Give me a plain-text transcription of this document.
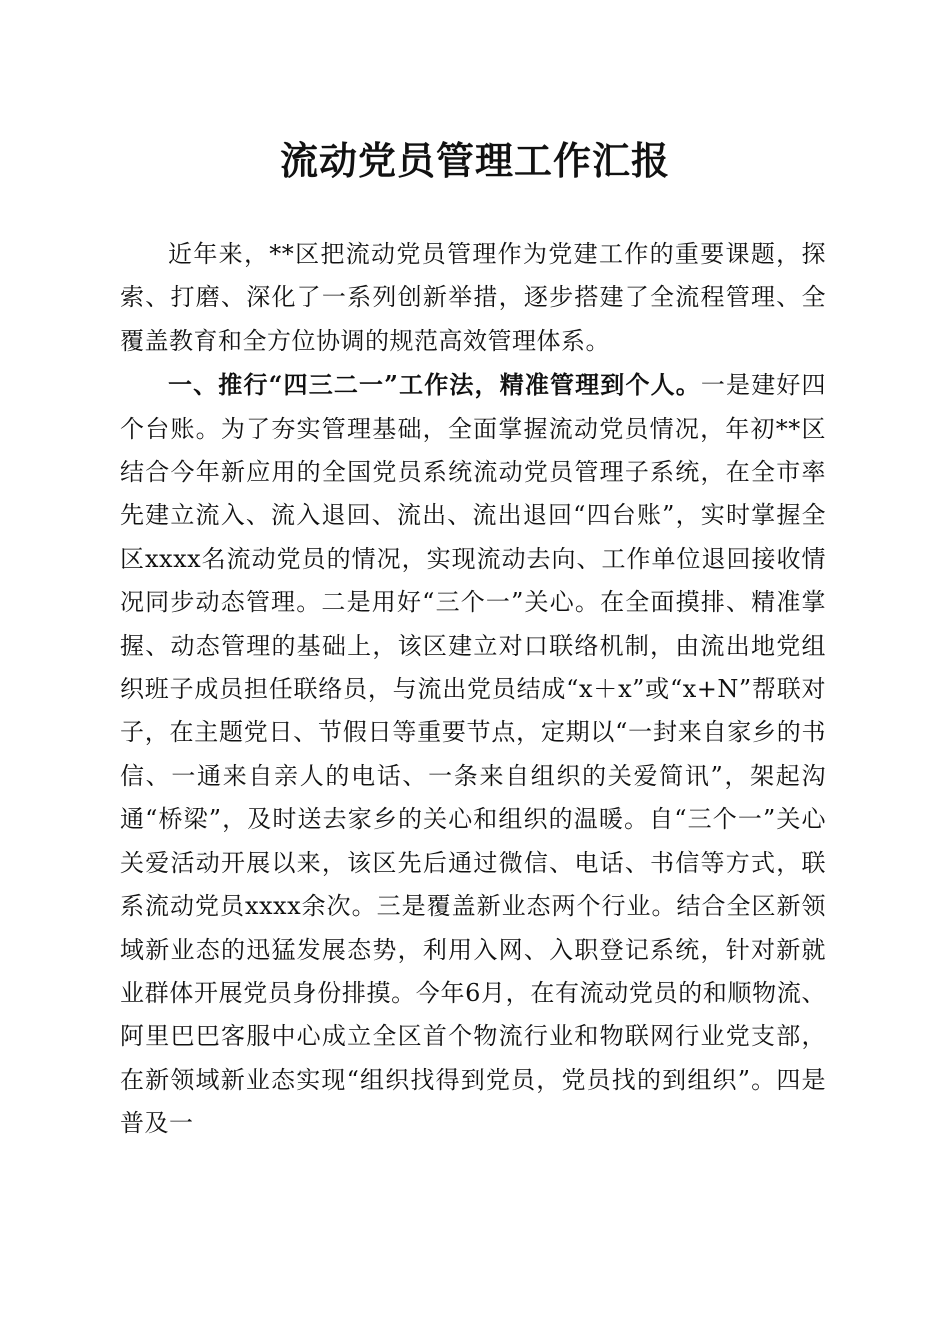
流动党员管理工作汇报

近年来，**区把流动党员管理作为党建工作的重要课题，探索、打磨、深化了一系列创新举措，逐步搭建了全流程管理、全覆盖教育和全方位协调的规范高效管理体系。

一、推行“四三二一”工作法，精准管理到个人。一是建好四个台账。为了夯实管理基础，全面掌握流动党员情况，年初**区结合今年新应用的全国党员系统流动党员管理子系统，在全市率先建立流入、流入退回、流出、流出退回“四台账”，实时掌握全区xxxx名流动党员的情况，实现流动去向、工作单位退回接收情况同步动态管理。二是用好“三个一”关心。在全面摸排、精准掌握、动态管理的基础上，该区建立对口联络机制，由流出地党组织班子成员担任联络员，与流出党员结成“x＋x”或“x+N”帮联对子，在主题党日、节假日等重要节点，定期以“一封来自家乡的书信、一通来自亲人的电话、一条来自组织的关爱简讯”，架起沟通“桥梁”，及时送去家乡的关心和组织的温暖。自“三个一”关心关爱活动开展以来，该区先后通过微信、电话、书信等方式，联系流动党员xxxx余次。三是覆盖新业态两个行业。结合全区新领域新业态的迅猛发展态势，利用入网、入职登记系统，针对新就业群体开展党员身份排摸。今年6月，在有流动党员的和顺物流、阿里巴巴客服中心成立全区首个物流行业和物联网行业党支部，在新领域新业态实现“组织找得到党员，党员找的到组织”。四是普及一
